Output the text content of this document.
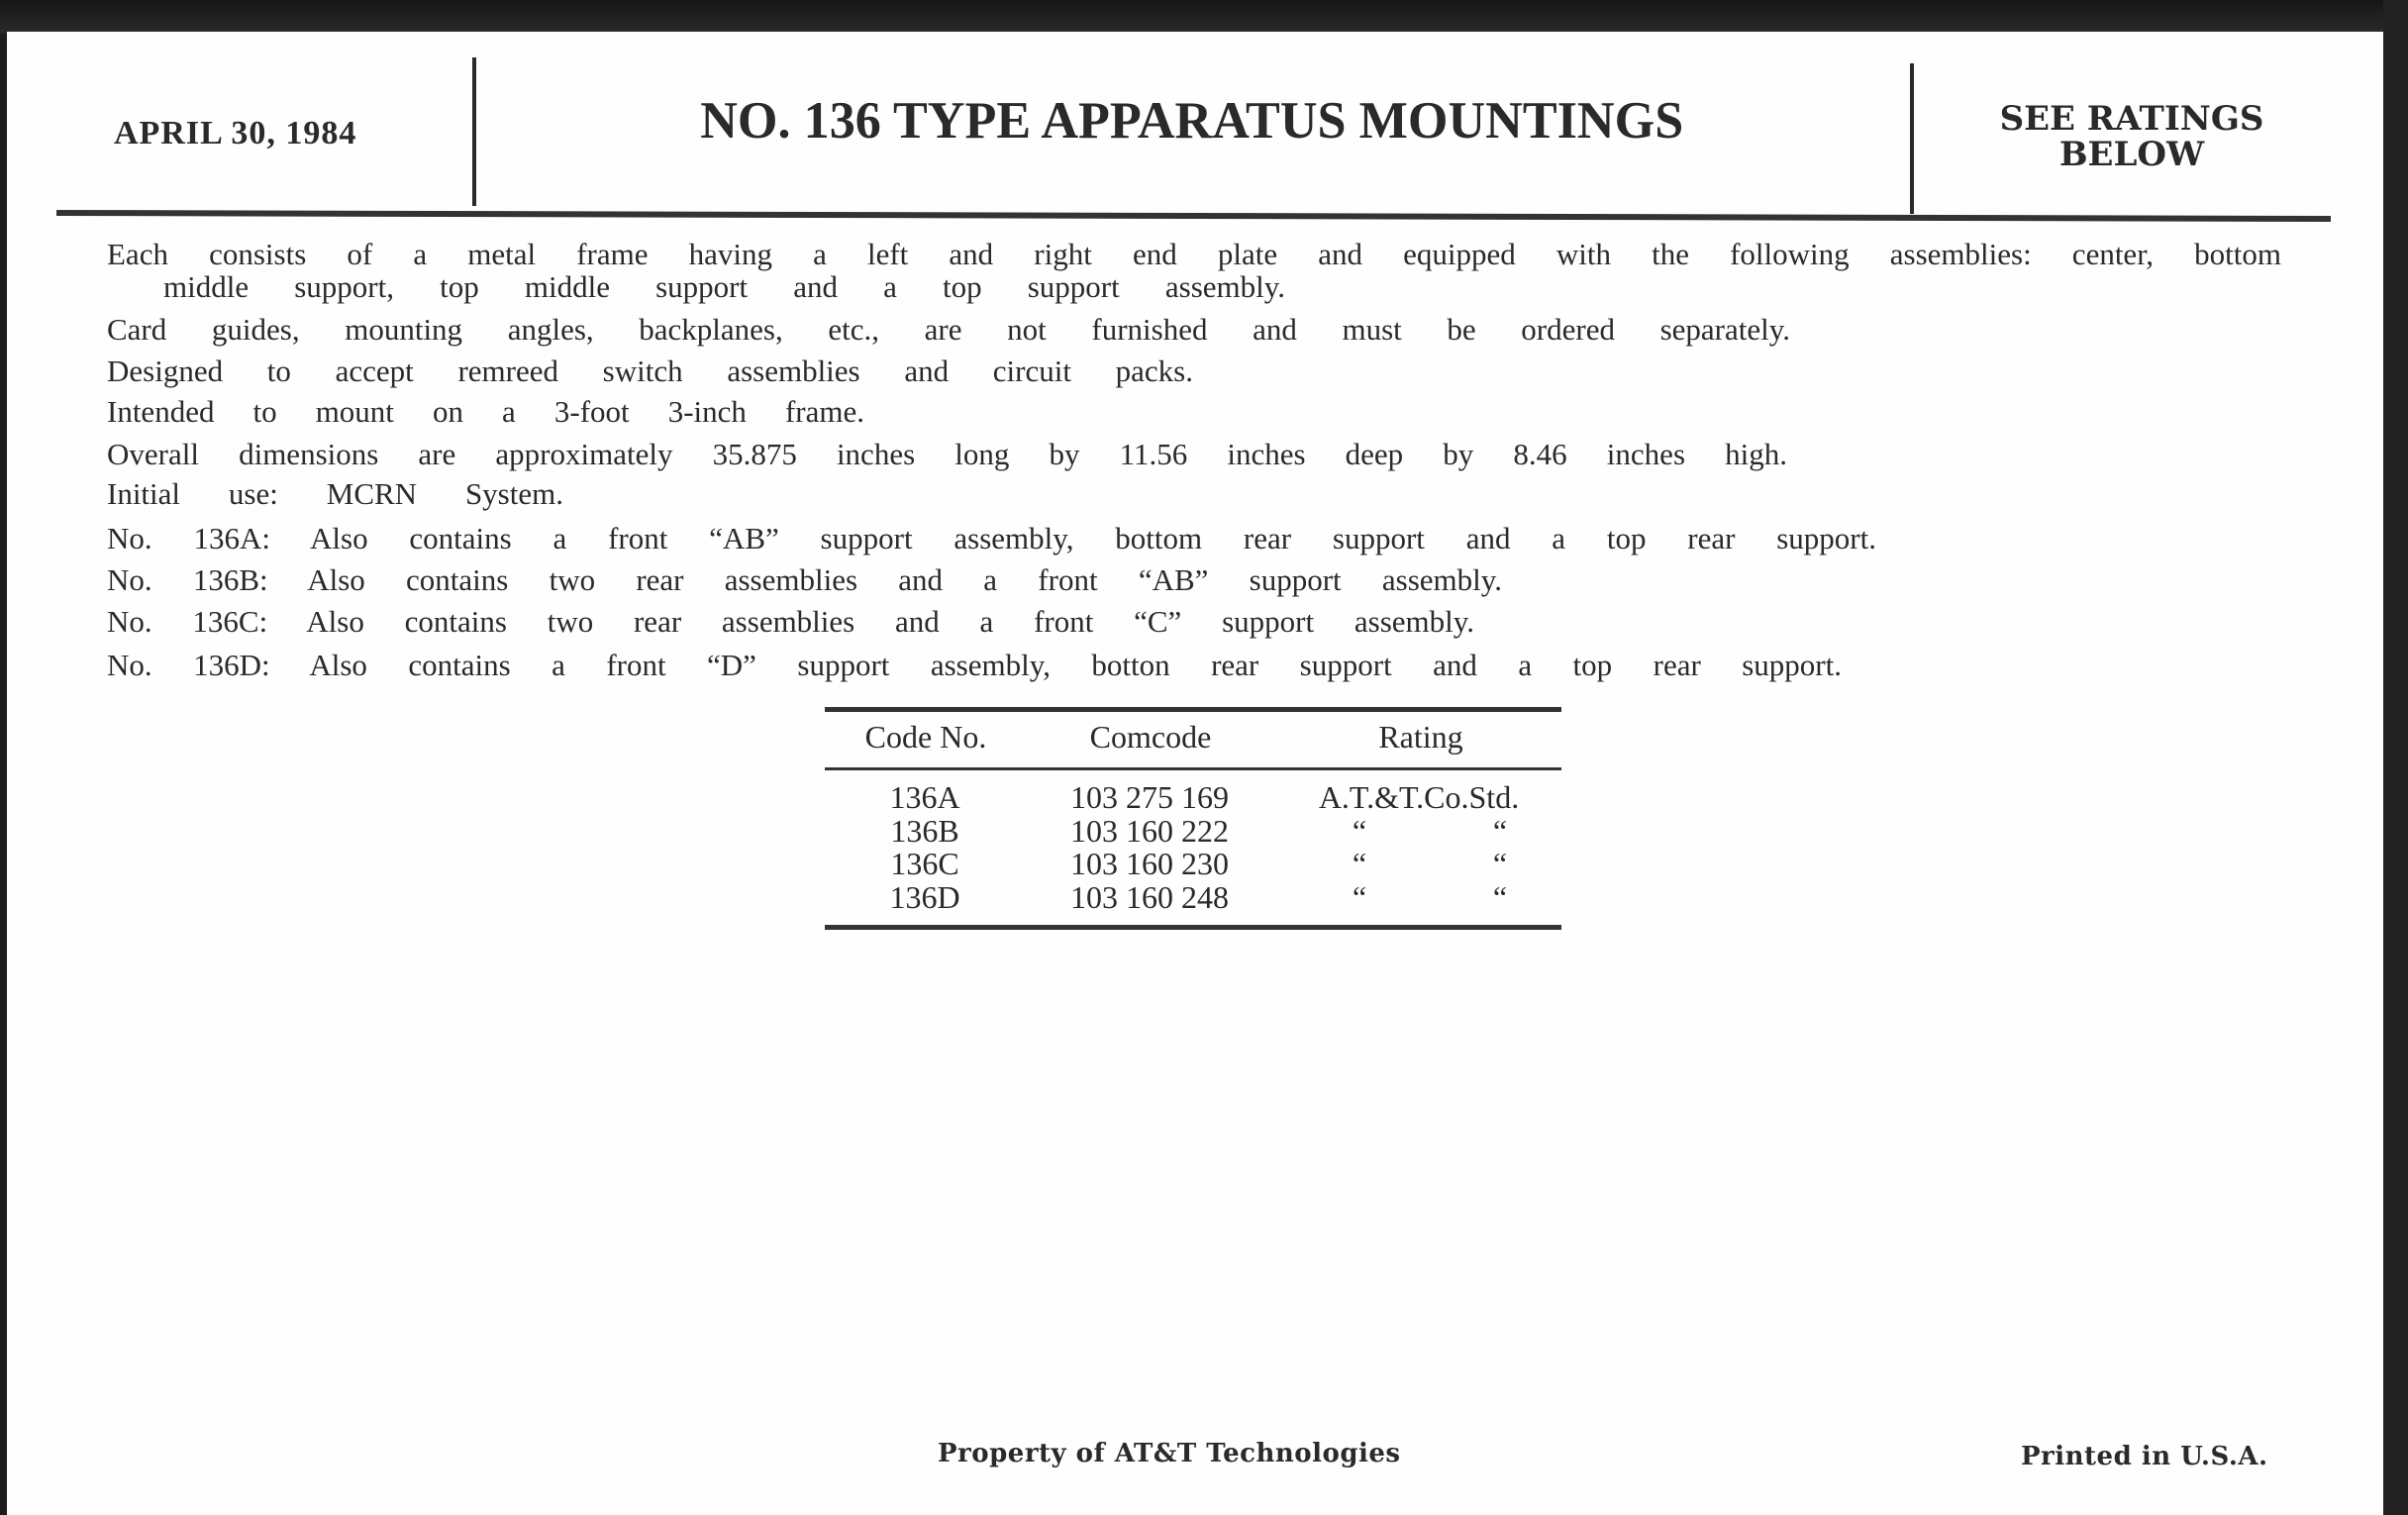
APRIL 30, 1984	NO. 136 TYPE APPARATUS MOUNTINGS	SEE RATINGS
BELOW
Each consists of a metal frame having a left and right end plate and equipped with the following assemblies: center, bottom
middle support, top middle support and a top support assembly.
Card guides, mounting angles, backplanes, etc., are not furnished and must be ordered separately.
Designed to accept remreed switch assemblies and circuit packs.
Intended to mount on a 3-foot 3-inch frame.
Overall dimensions are approximately 35.875 inches long by 11.56 inches deep by 8.46 inches high.
Initial use: MCRN System.
No. 136A: Also contains a front “AB” support assembly, bottom rear support and a top rear support.
No. 136B: Also contains two rear assemblies and a front “AB” support assembly.
No. 136C: Also contains two rear assemblies and a front “C” support assembly.
No. 136D: Also contains a front “D” support assembly, botton rear support and a top rear support.
Code No.	Comcode	Rating
136A	103 275 169	A.T.&T.Co.Std.
136B	103 160 222	“	“
136C	103 160 230	“	“
136D	103 160 248	“	“
Property of AT&T Technologies	Printed in U.S.A.
